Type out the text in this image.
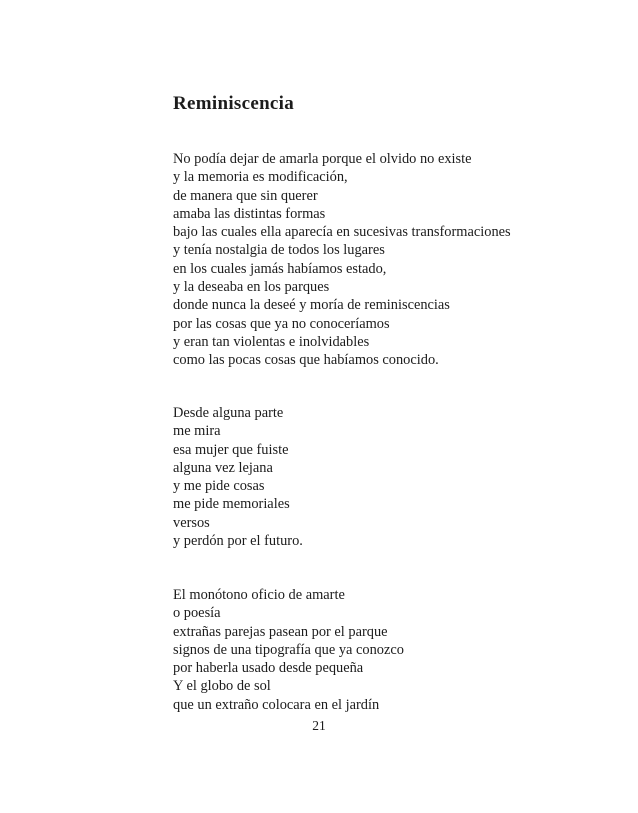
Reminiscencia
No podía dejar de amarla porque el olvido no existe
y la memoria es modificación,
de manera que sin querer
amaba las distintas formas
bajo las cuales ella aparecía en sucesivas transformaciones
y tenía nostalgia de todos los lugares
en los cuales jamás habíamos estado,
y la deseaba en los parques
donde nunca la deseé y moría de reminiscencias
por las cosas que ya no conoceríamos
y eran tan violentas e inolvidables
como las pocas cosas que habíamos conocido.
Desde alguna parte
me mira
esa mujer que fuiste
alguna vez lejana
y me pide cosas
me pide memoriales
versos
y perdón por el futuro.
El monótono oficio de amarte
o poesía
extrañas parejas pasean por el parque
signos de una tipografía que ya conozco
por haberla usado desde pequeña
Y el globo de sol
que un extraño colocara en el jardín
21
